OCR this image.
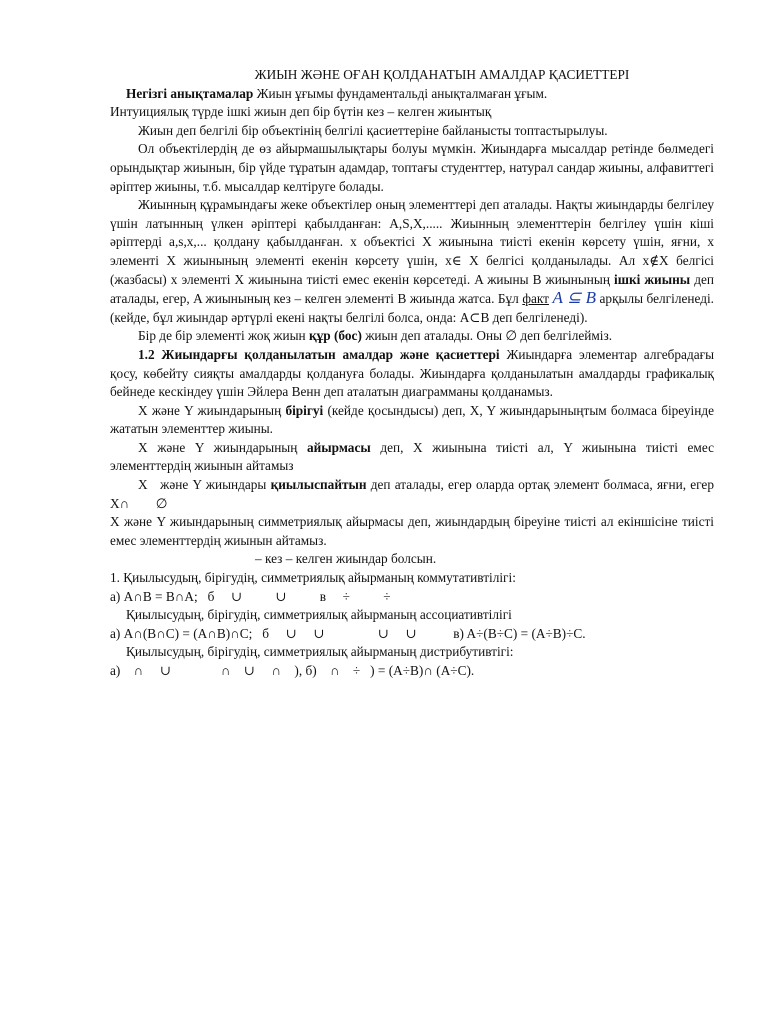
ЖИЫН ЖӘНЕ ОҒАН ҚОЛДАНАТЫН АМАЛДАР ҚАСИЕТТЕРІ
Негізгі анықтамалар Жиын ұғымы фундаментальді анықталмаған ұғым.
Интуициялық түрде ішкі жиын деп бір бүтін кез – келген жиынтық
Жиын деп белгілі бір объектінің белгілі қасиеттеріне байланысты топтастырылуы.
Ол объектілердің де өз айырмашылықтары болуы мүмкін. Жиындарға мысалдар ретінде бөлмедегі орындықтар жиынын, бір үйде тұратын адамдар, топтағы студенттер, натурал сандар жиыны, алфавиттегі әріптер жиыны, т.б. мысалдар келтіруге болады.
Жиынның құрамындағы жеке объектілер оның элементтері деп аталады. Нақты жиындарды белгілеу үшін латынның үлкен әріптері қабылданған: A,S,X,..... Жиынның элементтерін белгілеу үшін кіші әріптерді a,s,x,... қолдану қабылданған. x объектісі X жиынына тиісті екенін көрсету үшін, яғни, x элементі X жиынының элементі екенін көрсету үшін, x∈ X белгісі қолданылады. Ал x∉X белгісі (жазбасы) x элементі X жиынына тиісті емес екенін көрсетеді. A жиыны B жиынының ішкі жиыны деп аталады, егер, A жиынының кез – келген элементі B жиында жатса. Бұл факт A ⊆ B арқылы белгіленеді. (кейде, бұл жиындар әртүрлі екені нақты белгілі болса, онда: A⊂B деп белгіленеді).
Бір де бір элементі жоқ жиын құр (бос) жиын деп аталады. Оны ∅ деп белгілейміз.
1.2 Жиындарғы қолданылатын амалдар және қасиеттері Жиындарға элементар алгебрадағы қосу, көбейту сияқты амалдарды қолдануға болады. Жиындарға қолданылатын амалдарды графикалық бейнеде кескіндеу үшін Эйлера Венн деп аталатын диаграмманы қолданамыз.
X және Y жиындарының бірігуі (кейде қосындысы) деп, X, Y жиындарыныңтым болмаса біреуінде жататын элементтер жиыны.
X және Y жиындарының айырмасы деп, X жиынына тиісті ал, Y жиынына тиісті емес элементтердің жиынын айтамыз
X   және Y жиындары қиылыспайтын деп аталады, егер оларда ортақ элемент болмаса, яғни, егер  X∩        ∅
X және Y жиындарының симметриялық айырмасы деп, жиындардың біреуіне тиісті ал екіншісіне тиісті емес элементтердің жиынын айтамыз.
– кез – келген жиындар болсын.
1. Қиылысудың, бірігудің, симметриялық айырманың коммутативтілігі:
а) A∩B = B∩A;   б     ∪          ∪          в     ÷          ÷
Қиылысудың, бірігудің, симметриялық айырманың ассоциативтілігі
а) A∩(B∩C) = (A∩B)∩C;   б     ∪     ∪                ∪     ∪           в) A÷(B÷C) = (A÷B)÷C.
Қиылысудың, бірігудің, симметриялық айырманың дистрибутивтігі:
а)    ∩     ∪               ∩    ∪     ∩    ), б)    ∩    ÷   ) = (A÷B)∩ (A÷C).
